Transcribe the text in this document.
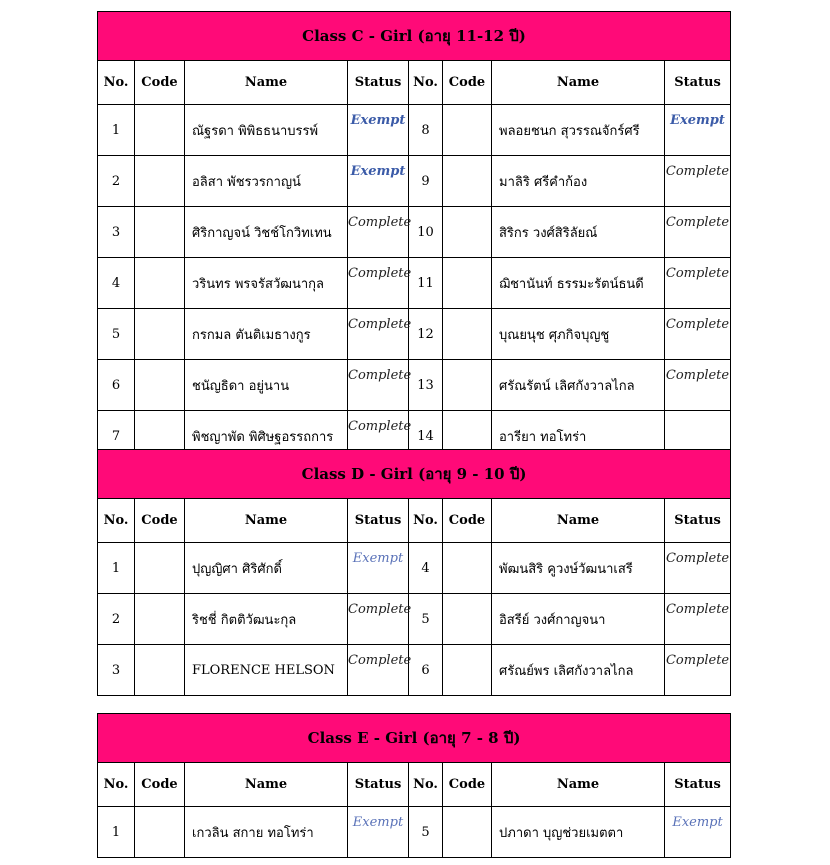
Class C - Girl (อายุ 11-12 ปี)							
No.	Code	Name	Status	No.	Code	Name	Status
1		ณัฐรดา พิพิธธนาบรรพ์	Exempt	8		พลอยชนก สุวรรณจักร์ศรี	Exempt
2		อลิสา พัชรวรกาญน์	Exempt	9		มาลิริ ศรีคำก้อง	Complete
3		ศิริกาญจน์ วิชช์โกวิทเทน	Complete	10		สิริกร วงศ์สิริลัยณ์	Complete
4		วรินทร พรจรัสวัฒนากุล	Complete	11		ฌิชานันท์ ธรรมะรัตน์ธนดี	Complete
5		กรกมล ตันติเมธางกูร	Complete	12		บุณยนุช ศุภกิจบุญชู	Complete
6		ชนัญธิดา อยู่นาน	Complete	13		ศรัณรัตน์ เลิศกังวาลไกล	Complete
7		พิชญาพัด พิศิษฐอรรถการ	Complete	14		อารียา ทอโทร่า	
Class D - Girl (อายุ 9 - 10 ปี)							
No.	Code	Name	Status	No.	Code	Name	Status
1		ปุญญิศา ศิริศักดิ์	Exempt	4		พัฒนสิริ คูวงษ์วัฒนาเสรี	Complete
2		ริชชี่ กิตติวัฒนะกุล	Complete	5		อิสรีย์ วงศ์กาญจนา	Complete
3		FLORENCE HELSON	Complete	6		ศรัณย์พร เลิศกังวาลไกล	Complete
Class E - Girl (อายุ 7 - 8 ปี)							
No.	Code	Name	Status	No.	Code	Name	Status
1		เกวลิน สกาย ทอโทร่า	Exempt	5		ปภาดา บุญช่วยเมตตา	Exempt
